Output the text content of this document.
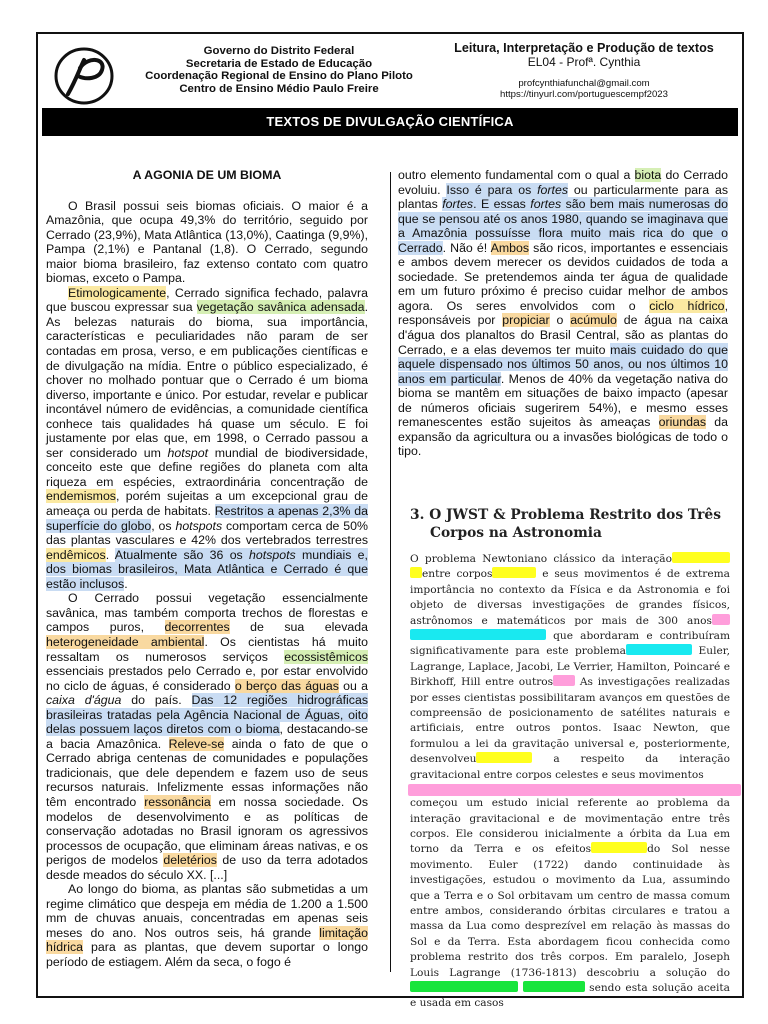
Governo do Distrito Federal
Secretaria de Estado de Educação
Coordenação Regional de Ensino do Plano Piloto
Centro de Ensino Médio Paulo Freire
Leitura, Interpretação e Produção de textos
EL04 - Profª. Cynthia
profcynthiafunchal@gmail.com
https://tinyurl.com/portuguescempf2023
TEXTOS DE DIVULGAÇÃO CIENTÍFICA
A AGONIA DE UM BIOMA

O Brasil possui seis biomas oficiais. O maior é a Amazônia, que ocupa 49,3% do território, seguido por Cerrado (23,9%), Mata Atlântica (13,0%), Caatinga (9,9%), Pampa (2,1%) e Pantanal (1,8). O Cerrado, segundo maior bioma brasileiro, faz extenso contato com quatro biomas, exceto o Pampa.

Etimologicamente, Cerrado significa fechado, palavra que buscou expressar sua vegetação savânica adensada. As belezas naturais do bioma, sua importância, características e peculiaridades não param de ser contadas em prosa, verso, e em publicações científicas e de divulgação na mídia. Entre o público especializado, é chover no molhado pontuar que o Cerrado é um bioma diverso, importante e único. Por estudar, revelar e publicar incontável número de evidências, a comunidade científica conhece tais qualidades há quase um século. E foi justamente por elas que, em 1998, o Cerrado passou a ser considerado um hotspot mundial de biodiversidade, conceito este que define regiões do planeta com alta riqueza em espécies, extraordinária concentração de endemismos, porém sujeitas a um excepcional grau de ameaça ou perda de habitats. Restritos a apenas 2,3% da superfície do globo, os hotspots comportam cerca de 50% das plantas vasculares e 42% dos vertebrados terrestres endêmicos. Atualmente são 36 os hotspots mundiais e, dos biomas brasileiros, Mata Atlântica e Cerrado é que estão inclusos.

O Cerrado possui vegetação essencialmente savânica, mas também comporta trechos de florestas e campos puros, decorrentes de sua elevada heterogeneidade ambiental. Os cientistas há muito ressaltam os numerosos serviços ecossistêmicos essenciais prestados pelo Cerrado e, por estar envolvido no ciclo de águas, é considerado o berço das águas ou a caixa d'água do país. Das 12 regiões hidrográficas brasileiras tratadas pela Agência Nacional de Águas, oito delas possuem laços diretos com o bioma, destacando-se a bacia Amazônica. Releve-se ainda o fato de que o Cerrado abriga centenas de comunidades e populações tradicionais, que dele dependem e fazem uso de seus recursos naturais. Infelizmente essas informações não têm encontrado ressonância em nossa sociedade. Os modelos de desenvolvimento e as políticas de conservação adotadas no Brasil ignoram os agressivos processos de ocupação, que eliminam áreas nativas, e os perigos de modelos deletérios de uso da terra adotados desde meados do século XX. [...]

Ao longo do bioma, as plantas são submetidas a um regime climático que despeja em média de 1.200 a 1.500 mm de chuvas anuais, concentradas em apenas seis meses do ano. Nos outros seis, há grande limitação hídrica para as plantas, que devem suportar o longo período de estiagem. Além da seca, o fogo é

outro elemento fundamental com o qual a biota do Cerrado evoluiu. Isso é para os fortes ou particularmente para as plantas fortes. E essas fortes são bem mais numerosas do que se pensou até os anos 1980, quando se imaginava que a Amazônia possuísse flora muito mais rica do que o Cerrado. Não é! Ambos são ricos, importantes e essenciais e ambos devem merecer os devidos cuidados de toda a sociedade. Se pretendemos ainda ter água de qualidade em um futuro próximo é preciso cuidar melhor de ambos agora. Os seres envolvidos com o ciclo hídrico, responsáveis por propiciar o acúmulo de água na caixa d'água dos planaltos do Brasil Central, são as plantas do Cerrado, e a elas devemos ter muito mais cuidado do que aquele dispensado nos últimos 50 anos, ou nos últimos 10 anos em particular. Menos de 40% da vegetação nativa do bioma se mantêm em situações de baixo impacto (apesar de números oficiais sugerirem 54%), e mesmo esses remanescentes estão sujeitos às ameaças oriundas da expansão da agricultura ou a invasões biológicas de todo o tipo.

3. O JWST & Problema Restrito dos Três Corpos na Astronomia
O problema Newtoniano clássico da interação entre corpos	e seus movimentos é de extrema importância no contexto da Física e da Astronomia e foi objeto de diversas investigações de grandes físicos, astrônomos e matemáticos por mais de 300 anos  que abordaram e contribuíram significativamente para este problema	Euler, Lagrange, Laplace, Jacobi, Le Verrier, Hamilton, Poincaré e Birkhoff, Hill entre outros As investigações realizadas por esses cientistas possibilitaram avanços em questões de compreensão de posicionamento de satélites naturais e artificiais, entre outros pontos. Isaac Newton, que formulou a lei da gravitação universal e, posteriormente, desenvolveu	a respeito da interação gravitacional entre corpos celestes e seus movimentos
começou um estudo inicial referente ao problema da interação gravitacional e de movimentação entre três corpos. Ele considerou inicialmente a órbita da Lua em torno da Terra e os efeitos	do Sol nesse movimento. Euler (1722) dando continuidade às investigações, estudou o movimento da Lua, assumindo que a Terra e o Sol orbitavam um centro de massa comum entre ambos, considerando órbitas circulares e tratou a massa da Lua como desprezível em relação às massas do Sol e da Terra. Esta abordagem ficou conhecida como problema restrito dos três corpos. Em paralelo, Joseph Louis Lagrange (1736-1813) descobriu a solução do  sendo esta solução aceita e usada em casos
